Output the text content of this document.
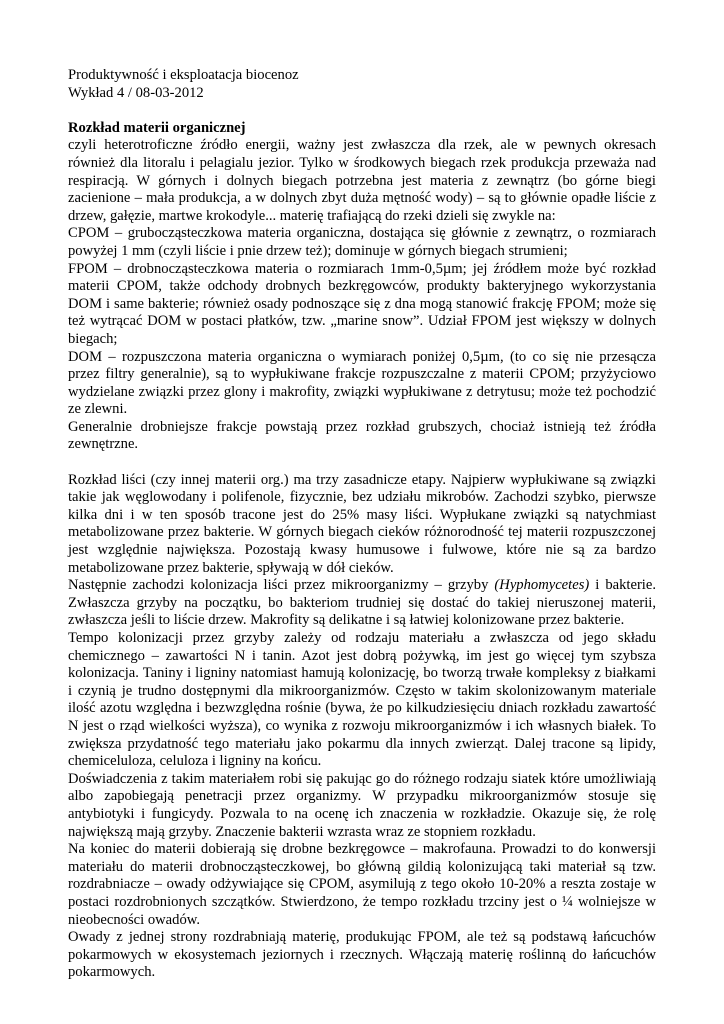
Produktywność i eksploatacja biocenoz

Wykład 4 / 08-03-2012

Rozkład materii organicznej

czyli heterotroficzne źródło energii, ważny jest zwłaszcza dla rzek, ale w pewnych okresach również dla litoralu i pelagialu jezior. Tylko w środkowych biegach rzek produkcja przeważa nad respiracją. W górnych i dolnych biegach potrzebna jest materia z zewnątrz (bo górne biegi zacienione – mała produkcja, a w dolnych zbyt duża mętność wody) – są to głównie opadłe liście z drzew, gałęzie, martwe krokodyle... materię trafiającą do rzeki dzieli się zwykle na:

CPOM – grubocząsteczkowa materia organiczna, dostająca się głównie z zewnątrz, o rozmiarach powyżej 1 mm (czyli liście i pnie drzew też); dominuje w górnych biegach strumieni;

FPOM – drobnocząsteczkowa materia o rozmiarach 1mm-0,5µm; jej źródłem może być rozkład materii CPOM, także odchody drobnych bezkręgowców, produkty bakteryjnego wykorzystania DOM i same bakterie; również osady podnoszące się z dna mogą stanowić frakcję FPOM; może się też wytrącać DOM w postaci płatków, tzw. „marine snow”. Udział FPOM jest większy w dolnych biegach;

DOM – rozpuszczona materia organiczna o wymiarach poniżej 0,5µm, (to co się nie przesącza przez filtry generalnie), są to wypłukiwane frakcje rozpuszczalne z materii CPOM; przyżyciowo wydzielane związki przez glony i makrofity, związki wypłukiwane z detrytusu; może też pochodzić ze zlewni.

Generalnie drobniejsze frakcje powstają przez rozkład grubszych, chociaż istnieją też źródła zewnętrzne.

Rozkład liści (czy innej materii org.) ma trzy zasadnicze etapy. Najpierw wypłukiwane są związki takie jak węglowodany i polifenole, fizycznie, bez udziału mikrobów. Zachodzi szybko, pierwsze kilka dni i w ten sposób tracone jest do 25% masy liści. Wypłukane związki są natychmiast metabolizowane przez bakterie. W górnych biegach cieków różnorodność tej materii rozpuszczonej jest względnie największa. Pozostają kwasy humusowe i fulwowe, które nie są za bardzo metabolizowane przez bakterie, spływają w dół cieków.

Następnie zachodzi kolonizacja liści przez mikroorganizmy – grzyby (Hyphomycetes) i bakterie. Zwłaszcza grzyby na początku, bo bakteriom trudniej się dostać do takiej nieruszonej materii, zwłaszcza jeśli to liście drzew. Makrofity są delikatne i są łatwiej kolonizowane przez bakterie.

Tempo kolonizacji przez grzyby zależy od rodzaju materiału a zwłaszcza od jego składu chemicznego – zawartości N i tanin. Azot jest dobrą pożywką, im jest go więcej tym szybsza kolonizacja. Taniny i ligniny natomiast hamują kolonizację, bo tworzą trwałe kompleksy z białkami i czynią je trudno dostępnymi dla mikroorganizmów. Często w takim skolonizowanym materiale ilość azotu względna i bezwzględna rośnie (bywa, że po kilkudziesięciu dniach rozkładu zawartość N jest o rząd wielkości wyższa), co wynika z rozwoju mikroorganizmów i ich własnych białek. To zwiększa przydatność tego materiału jako pokarmu dla innych zwierząt. Dalej tracone są lipidy, chemiceluloza, celuloza i ligniny na końcu.

Doświadczenia z takim materiałem robi się pakując go do różnego rodzaju siatek które umożliwiają albo zapobiegają penetracji przez organizmy. W przypadku mikroorganizmów stosuje się antybiotyki i fungicydy. Pozwala to na ocenę ich znaczenia w rozkładzie. Okazuje się, że rolę największą mają grzyby. Znaczenie bakterii wzrasta wraz ze stopniem rozkładu.

Na koniec do materii dobierają się drobne bezkręgowce – makrofauna. Prowadzi to do konwersji materiału do materii drobnocząsteczkowej, bo główną gildią kolonizującą taki materiał są tzw. rozdrabniacze – owady odżywiające się CPOM, asymilują z tego około 10-20% a reszta zostaje w postaci rozdrobnionych szczątków. Stwierdzono, że tempo rozkładu trzciny jest o ¼ wolniejsze w nieobecności owadów.

Owady z jednej strony rozdrabniają materię, produkując FPOM, ale też są podstawą łańcuchów pokarmowych w ekosystemach jeziornych i rzecznych. Włączają materię roślinną do łańcuchów pokarmowych.
